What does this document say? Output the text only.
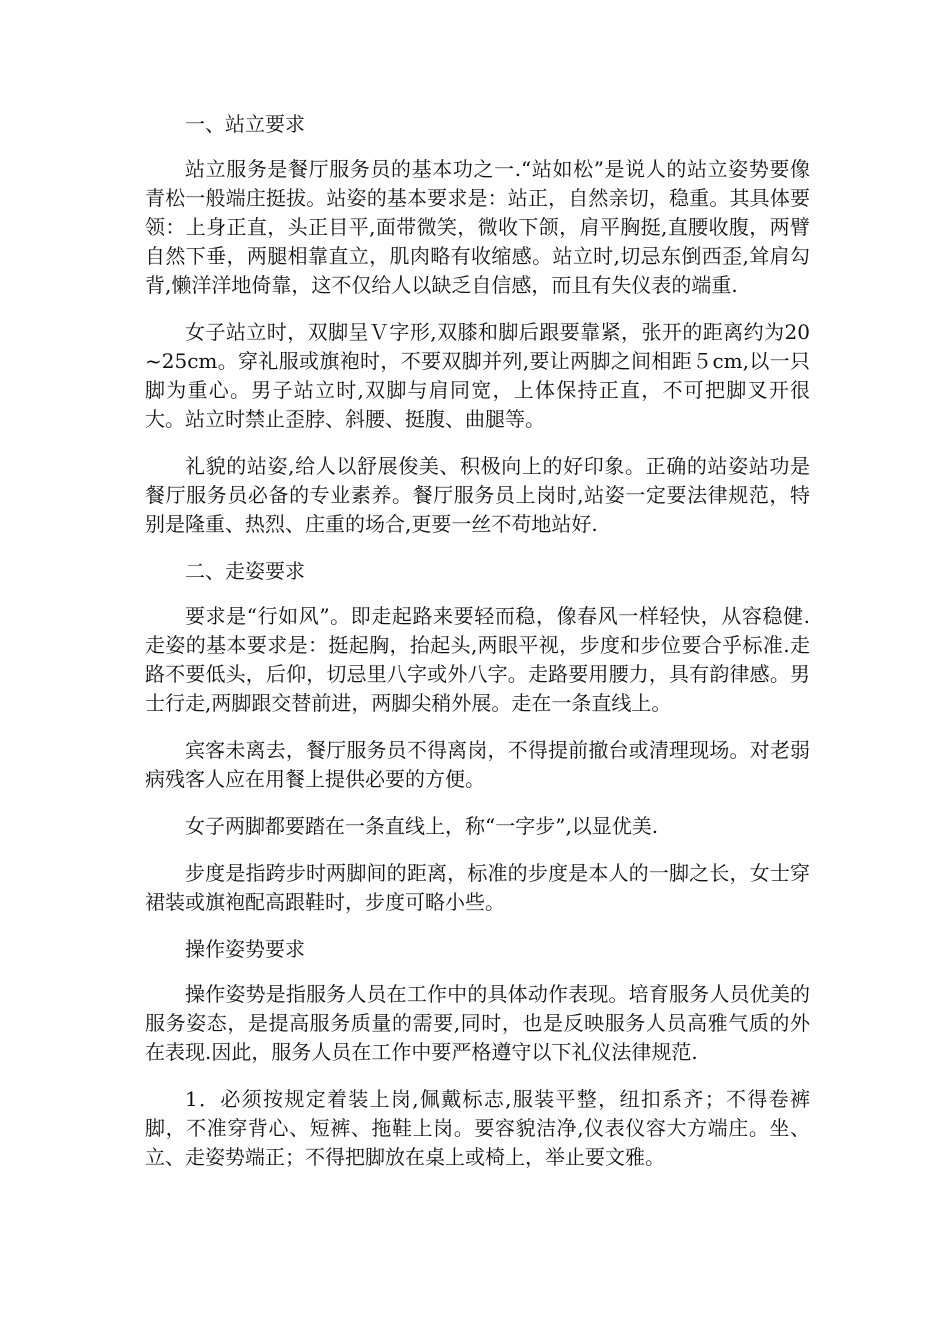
一、站立要求
站立服务是餐厅服务员的基本功之一.“站如松”是说人的站立姿势要像青松一般端庄挺拔。站姿的基本要求是：站正，自然亲切，稳重。其具体要领：上身正直，头正目平,面带微笑，微收下颌，肩平胸挺,直腰收腹，两臂自然下垂，两腿相靠直立，肌肉略有收缩感。站立时,切忌东倒西歪,耸肩勾背,懒洋洋地倚靠，这不仅给人以缺乏自信感，而且有失仪表的端重.
女子站立时，双脚呈Ｖ字形,双膝和脚后跟要靠紧，张开的距离约为20~25cm。穿礼服或旗袍时，不要双脚并列,要让两脚之间相距５cm,以一只脚为重心。男子站立时,双脚与肩同宽，上体保持正直，不可把脚叉开很大。站立时禁止歪脖、斜腰、挺腹、曲腿等。
礼貌的站姿,给人以舒展俊美、积极向上的好印象。正确的站姿站功是餐厅服务员必备的专业素养。餐厅服务员上岗时,站姿一定要法律规范，特别是隆重、热烈、庄重的场合,更要一丝不苟地站好.
二、走姿要求
要求是“行如风”。即走起路来要轻而稳，像春风一样轻快，从容稳健.走姿的基本要求是：挺起胸，抬起头,两眼平视，步度和步位要合乎标准.走路不要低头，后仰，切忌里八字或外八字。走路要用腰力，具有韵律感。男士行走,两脚跟交替前进，两脚尖稍外展。走在一条直线上。
宾客未离去，餐厅服务员不得离岗，不得提前撤台或清理现场。对老弱病残客人应在用餐上提供必要的方便。
女子两脚都要踏在一条直线上，称“一字步”,以显优美.
步度是指跨步时两脚间的距离，标准的步度是本人的一脚之长，女士穿裙装或旗袍配高跟鞋时，步度可略小些。
操作姿势要求
操作姿势是指服务人员在工作中的具体动作表现。培育服务人员优美的服务姿态，是提高服务质量的需要,同时，也是反映服务人员高雅气质的外在表现.因此，服务人员在工作中要严格遵守以下礼仪法律规范.
1．必须按规定着装上岗,佩戴标志,服装平整，纽扣系齐；不得卷裤脚，不准穿背心、短裤、拖鞋上岗。要容貌洁净,仪表仪容大方端庄。坐、立、走姿势端正；不得把脚放在桌上或椅上，举止要文雅。
